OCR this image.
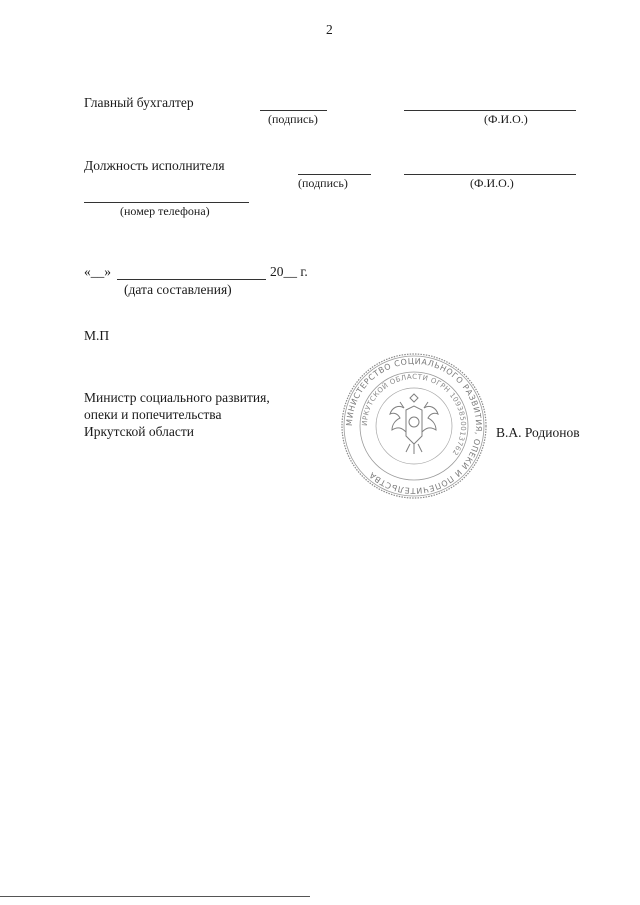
2
Главный бухгалтер
(подпись)	(Ф.И.О.)
Должность исполнителя
(подпись)	(Ф.И.О.)
(номер телефона)
«__»	20__ г.
(дата составления)
М.П
Министр социального развития,
опеки и попечительства
Иркутской области	В.А. Родионов
МИНИСТЕРСТВО СОЦИАЛЬНОГО РАЗВИТИЯ, ОПЕКИ И ПОПЕЧИТЕЛЬСТВА
ИРКУТСКОЙ ОБЛАСТИ ОГРН 1093850013762
